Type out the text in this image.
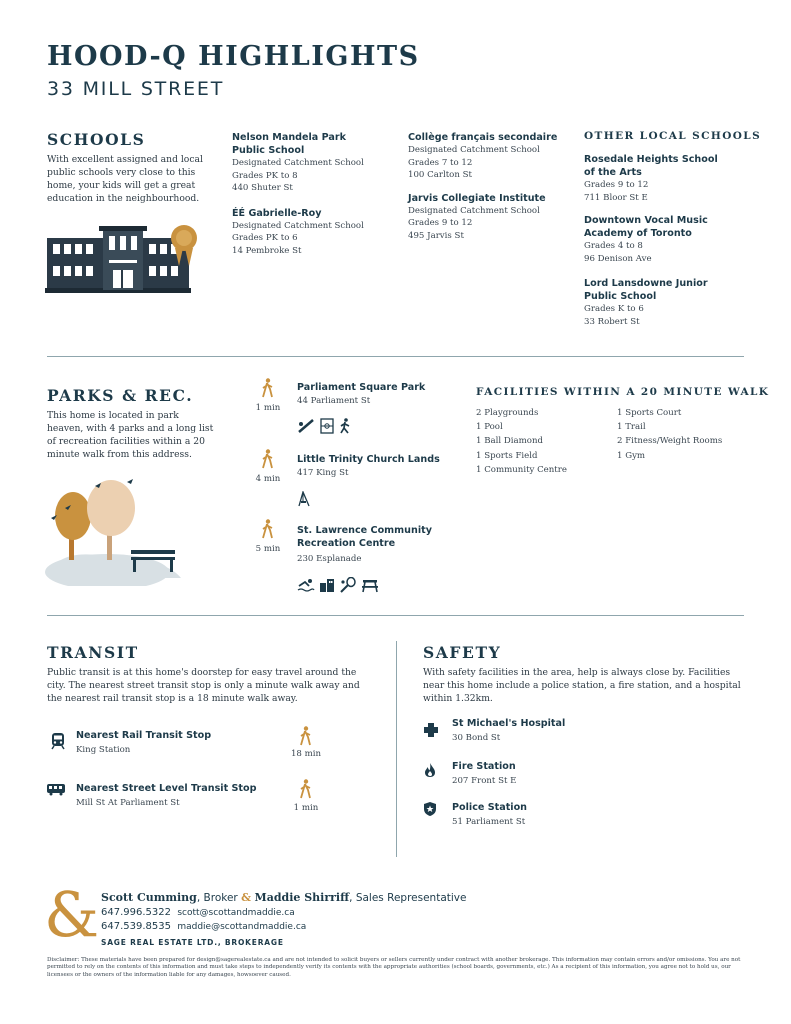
HOOD-Q HIGHLIGHTS
33 MILL STREET
SCHOOLS
With excellent assigned and local public schools very close to this home, your kids will get a great education in the neighbourhood.
Nelson Mandela Park Public School
Designated Catchment School
Grades PK to 8
440 Shuter St
ÉÉ Gabrielle-Roy
Designated Catchment School
Grades PK to 6
14 Pembroke St
Collège français secondaire
Designated Catchment School
Grades 7 to 12
100 Carlton St
Jarvis Collegiate Institute
Designated Catchment School
Grades 9 to 12
495 Jarvis St
OTHER LOCAL SCHOOLS
Rosedale Heights School of the Arts
Grades 9 to 12
711 Bloor St E
Downtown Vocal Music Academy of Toronto
Grades 4 to 8
96 Denison Ave
Lord Lansdowne Junior Public School
Grades K to 6
33 Robert St
PARKS & REC.
This home is located in park heaven, with 4 parks and a long list of recreation facilities within a 20 minute walk from this address.
1 min
Parliament Square Park
44 Parliament St
4 min
Little Trinity Church Lands
417 King St
5 min
St. Lawrence Community Recreation Centre
230 Esplanade
FACILITIES WITHIN A 20 MINUTE WALK
2 Playgrounds
1 Pool
1 Ball Diamond
1 Sports Field
1 Community Centre
1 Sports Court
1 Trail
2 Fitness/Weight Rooms
1 Gym
TRANSIT
Public transit is at this home's doorstep for easy travel around the city. The nearest street transit stop is only a minute walk away and the nearest rail transit stop is a 18 minute walk away.
Nearest Rail Transit Stop
King Station	18 min
Nearest Street Level Transit Stop
Mill St At Parliament St	1 min
SAFETY
With safety facilities in the area, help is always close by. Facilities near this home include a police station, a fire station, and a hospital within 1.32km.
St Michael's Hospital
30 Bond St
Fire Station
207 Front St E
Police Station
51 Parliament St
& Scott Cumming, Broker & Maddie Shirriff, Sales Representative
647.996.5322 scott@scottandmaddie.ca
647.539.8535 maddie@scottandmaddie.ca
SAGE REAL ESTATE LTD., BROKERAGE
Disclaimer: These materials have been prepared for design@sagerealestate.ca and are not intended to solicit buyers or sellers currently under contract with another brokerage. This information may contain errors and/or omissions. You are not permitted to rely on the contents of this information and must take steps to independently verify its contents with the appropriate authorities (school boards, governments, etc.) As a recipient of this information, you agree not to hold us, our licensees or the owners of the information liable for any damages, howsoever caused.
